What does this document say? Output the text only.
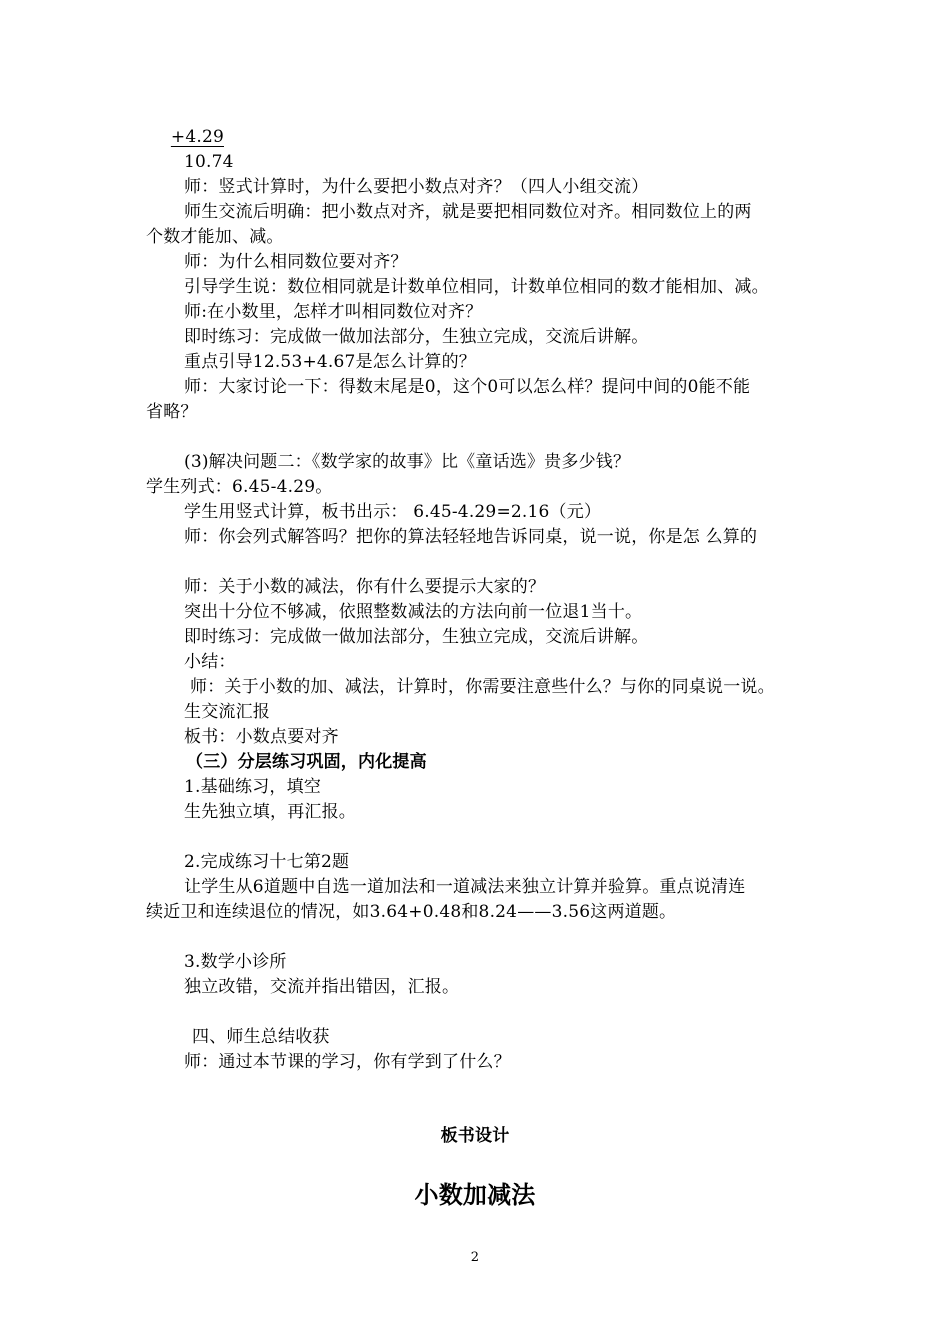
+4.29
10.74
师：竖式计算时，为什么要把小数点对齐？（四人小组交流）
师生交流后明确：把小数点对齐，就是要把相同数位对齐。相同数位上的两
个数才能加、减。
师：为什么相同数位要对齐？
引导学生说：数位相同就是计数单位相同，计数单位相同的数才能相加、减。
师:在小数里，怎样才叫相同数位对齐？
即时练习：完成做一做加法部分，生独立完成，交流后讲解。
重点引导12.53+4.67是怎么计算的？
师：大家讨论一下：得数末尾是0，这个0可以怎么样？提问中间的0能不能
省略？
(3)解决问题二：《数学家的故事》比《童话选》贵多少钱？
学生列式：6.45-4.29。
学生用竖式计算，板书出示： 6.45-4.29=2.16（元）
师：你会列式解答吗？把你的算法轻轻地告诉同桌，说一说，你是怎 么算的
师：关于小数的减法，你有什么要提示大家的？
突出十分位不够减，依照整数减法的方法向前一位退1当十。
即时练习：完成做一做加法部分，生独立完成，交流后讲解。
小结：
师：关于小数的加、减法，计算时，你需要注意些什么？与你的同桌说一说。
生交流汇报
板书：小数点要对齐
（三）分层练习巩固，内化提高
1.基础练习，填空
生先独立填，再汇报。
2.完成练习十七第2题
让学生从6道题中自选一道加法和一道减法来独立计算并验算。重点说清连
续近卫和连续退位的情况，如3.64+0.48和8.24——3.56这两道题。
3.数学小诊所
独立改错，交流并指出错因，汇报。
四、师生总结收获
师：通过本节课的学习，你有学到了什么？
板书设计
小数加减法
2
